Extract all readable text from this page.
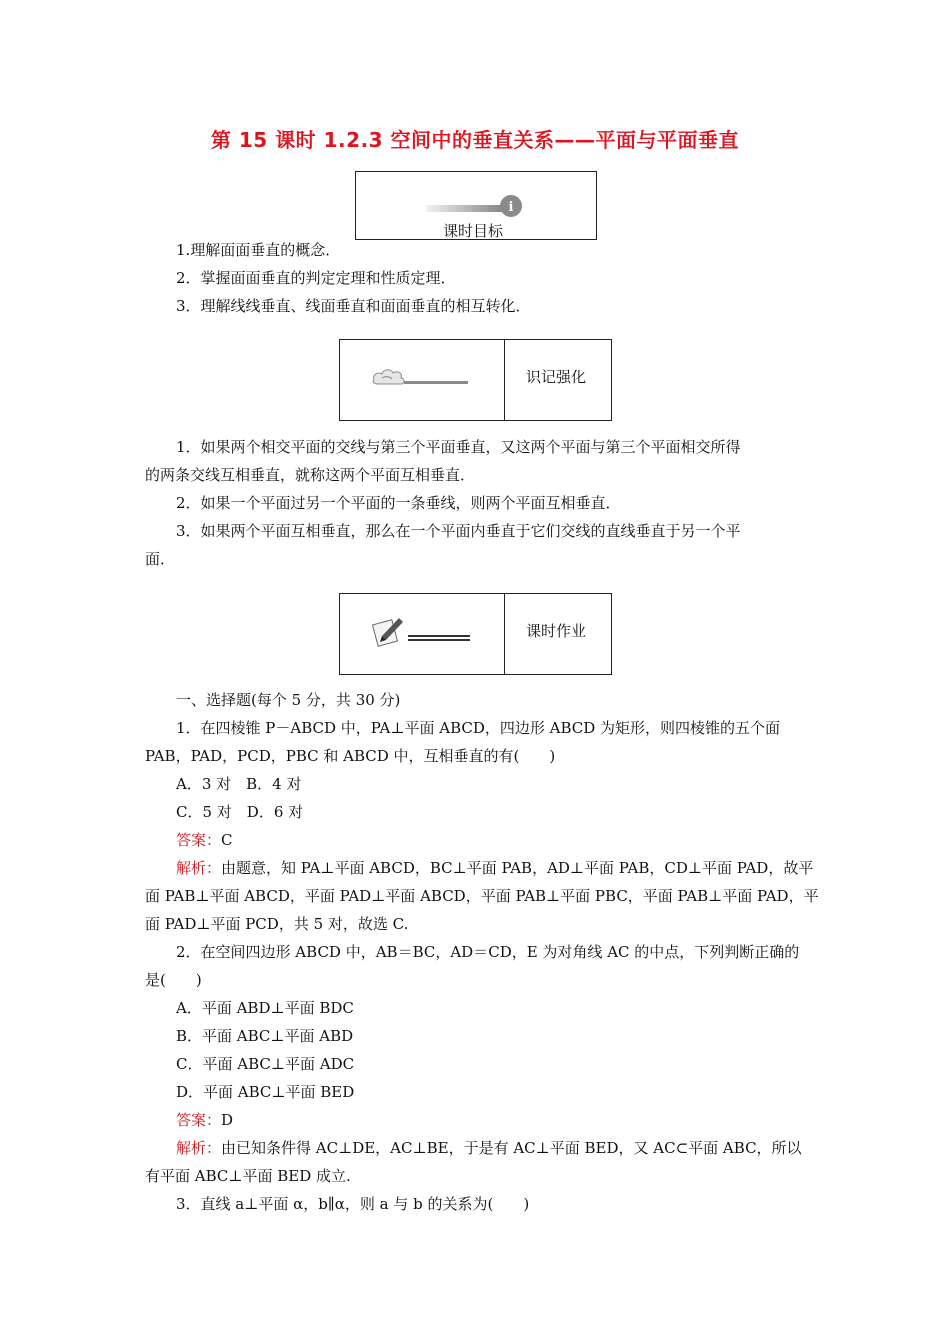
第 15 课时 1.2.3 空间中的垂直关系——平面与平面垂直
i
课时目标
1.理解面面垂直的概念．
2．掌握面面垂直的判定定理和性质定理．
3．理解线线垂直、线面垂直和面面垂直的相互转化．
识记强化
1．如果两个相交平面的交线与第三个平面垂直，又这两个平面与第三个平面相交所得
的两条交线互相垂直，就称这两个平面互相垂直．
2．如果一个平面过另一个平面的一条垂线，则两个平面互相垂直．
3．如果两个平面互相垂直，那么在一个平面内垂直于它们交线的直线垂直于另一个平
面．
课时作业
一、选择题(每个 5 分，共 30 分)
1．在四棱锥 P－ABCD 中，PA⊥平面 ABCD，四边形 ABCD 为矩形，则四棱锥的五个面
PAB，PAD，PCD，PBC 和 ABCD 中，互相垂直的有(　　)
A．3 对　B．4 对
C．5 对　D．6 对
答案：C
解析：由题意，知 PA⊥平面 ABCD，BC⊥平面 PAB，AD⊥平面 PAB，CD⊥平面 PAD，故平
面 PAB⊥平面 ABCD，平面 PAD⊥平面 ABCD，平面 PAB⊥平面 PBC，平面 PAB⊥平面 PAD，平
面 PAD⊥平面 PCD，共 5 对，故选 C.
2．在空间四边形 ABCD 中，AB＝BC，AD＝CD，E 为对角线 AC 的中点，下列判断正确的
是(　　)
A．平面 ABD⊥平面 BDC
B．平面 ABC⊥平面 ABD
C．平面 ABC⊥平面 ADC
D．平面 ABC⊥平面 BED
答案：D
解析：由已知条件得 AC⊥DE，AC⊥BE，于是有 AC⊥平面 BED，又 AC⊂平面 ABC，所以
有平面 ABC⊥平面 BED 成立.
3．直线 a⊥平面 α，b∥α，则 a 与 b 的关系为(　　)
